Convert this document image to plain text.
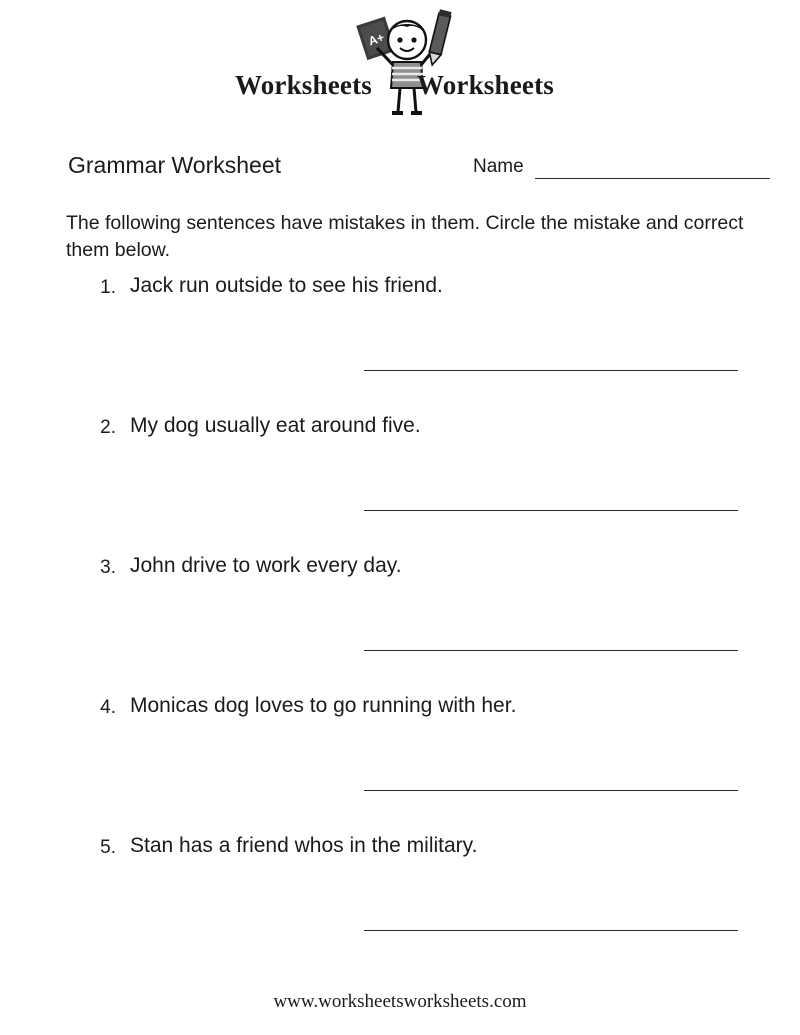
Worksheets
A+
Worksheets
Grammar Worksheet	Name
The following sentences have mistakes in them. Circle the mistake and correct them below.
1. Jack run outside to see his friend.
2. My dog usually eat around five.
3. John drive to work every day.
4. Monicas dog loves to go running with her.
5. Stan has a friend whos in the military.
www.worksheetsworksheets.com
